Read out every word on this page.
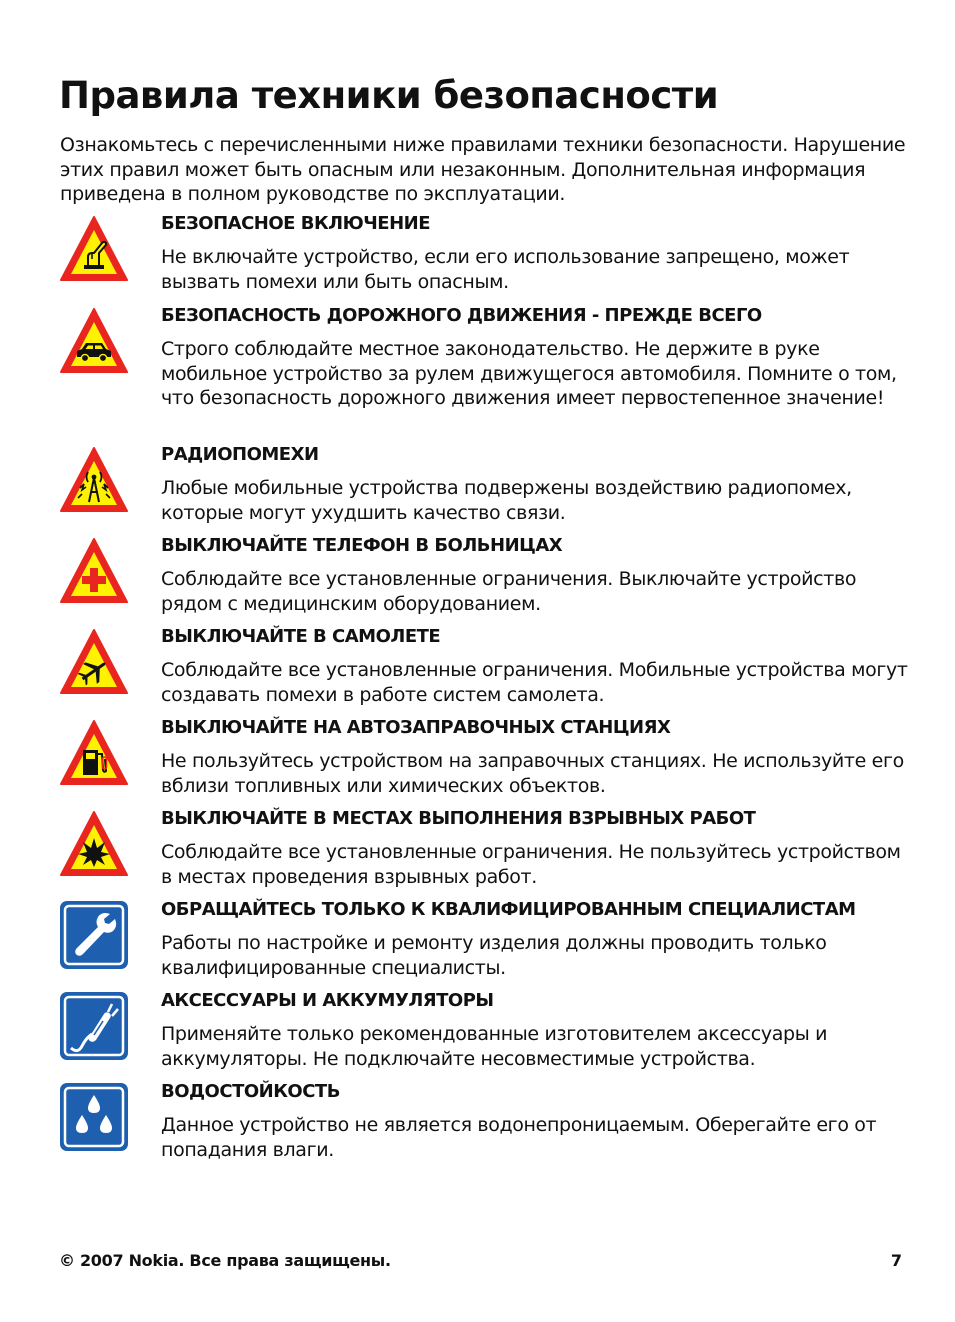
Правила техники безопасности
Ознакомьтесь с перечисленными ниже правилами техники безопасности. Нарушение этих правил может быть опасным или незаконным. Дополнительная информация приведена в полном руководстве по эксплуатации.
БЕЗОПАСНОЕ ВКЛЮЧЕНИЕ
Не включайте устройство, если его использование запрещено, может вызвать помехи или быть опасным.
БЕЗОПАСНОСТЬ ДОРОЖНОГО ДВИЖЕНИЯ - ПРЕЖДЕ ВСЕГО
Строго соблюдайте местное законодательство. Не держите в руке мобильное устройство за рулем движущегося автомобиля. Помните о том, что безопасность дорожного движения имеет первостепенное значение!
РАДИОПОМЕХИ
Любые мобильные устройства подвержены воздействию радиопомех, которые могут ухудшить качество связи.
ВЫКЛЮЧАЙТЕ ТЕЛЕФОН В БОЛЬНИЦАХ
Соблюдайте все установленные ограничения. Выключайте устройство рядом с медицинским оборудованием.
ВЫКЛЮЧАЙТЕ В САМОЛЕТЕ
Соблюдайте все установленные ограничения. Мобильные устройства могут создавать помехи в работе систем самолета.
ВЫКЛЮЧАЙТЕ НА АВТОЗАПРАВОЧНЫХ СТАНЦИЯХ
Не пользуйтесь устройством на заправочных станциях. Не используйте его вблизи топливных или химических объектов.
ВЫКЛЮЧАЙТЕ В МЕСТАХ ВЫПОЛНЕНИЯ ВЗРЫВНЫХ РАБОТ
Соблюдайте все установленные ограничения. Не пользуйтесь устройством в местах проведения взрывных работ.
ОБРАЩАЙТЕСЬ ТОЛЬКО К КВАЛИФИЦИРОВАННЫМ СПЕЦИАЛИСТАМ
Работы по настройке и ремонту изделия должны проводить только квалифицированные специалисты.
АКСЕССУАРЫ И АККУМУЛЯТОРЫ
Применяйте только рекомендованные изготовителем аксессуары и аккумуляторы. Не подключайте несовместимые устройства.
ВОДОСТОЙКОСТЬ
Данное устройство не является водонепроницаемым. Оберегайте его от попадания влаги.
© 2007 Nokia. Все права защищены.	7
